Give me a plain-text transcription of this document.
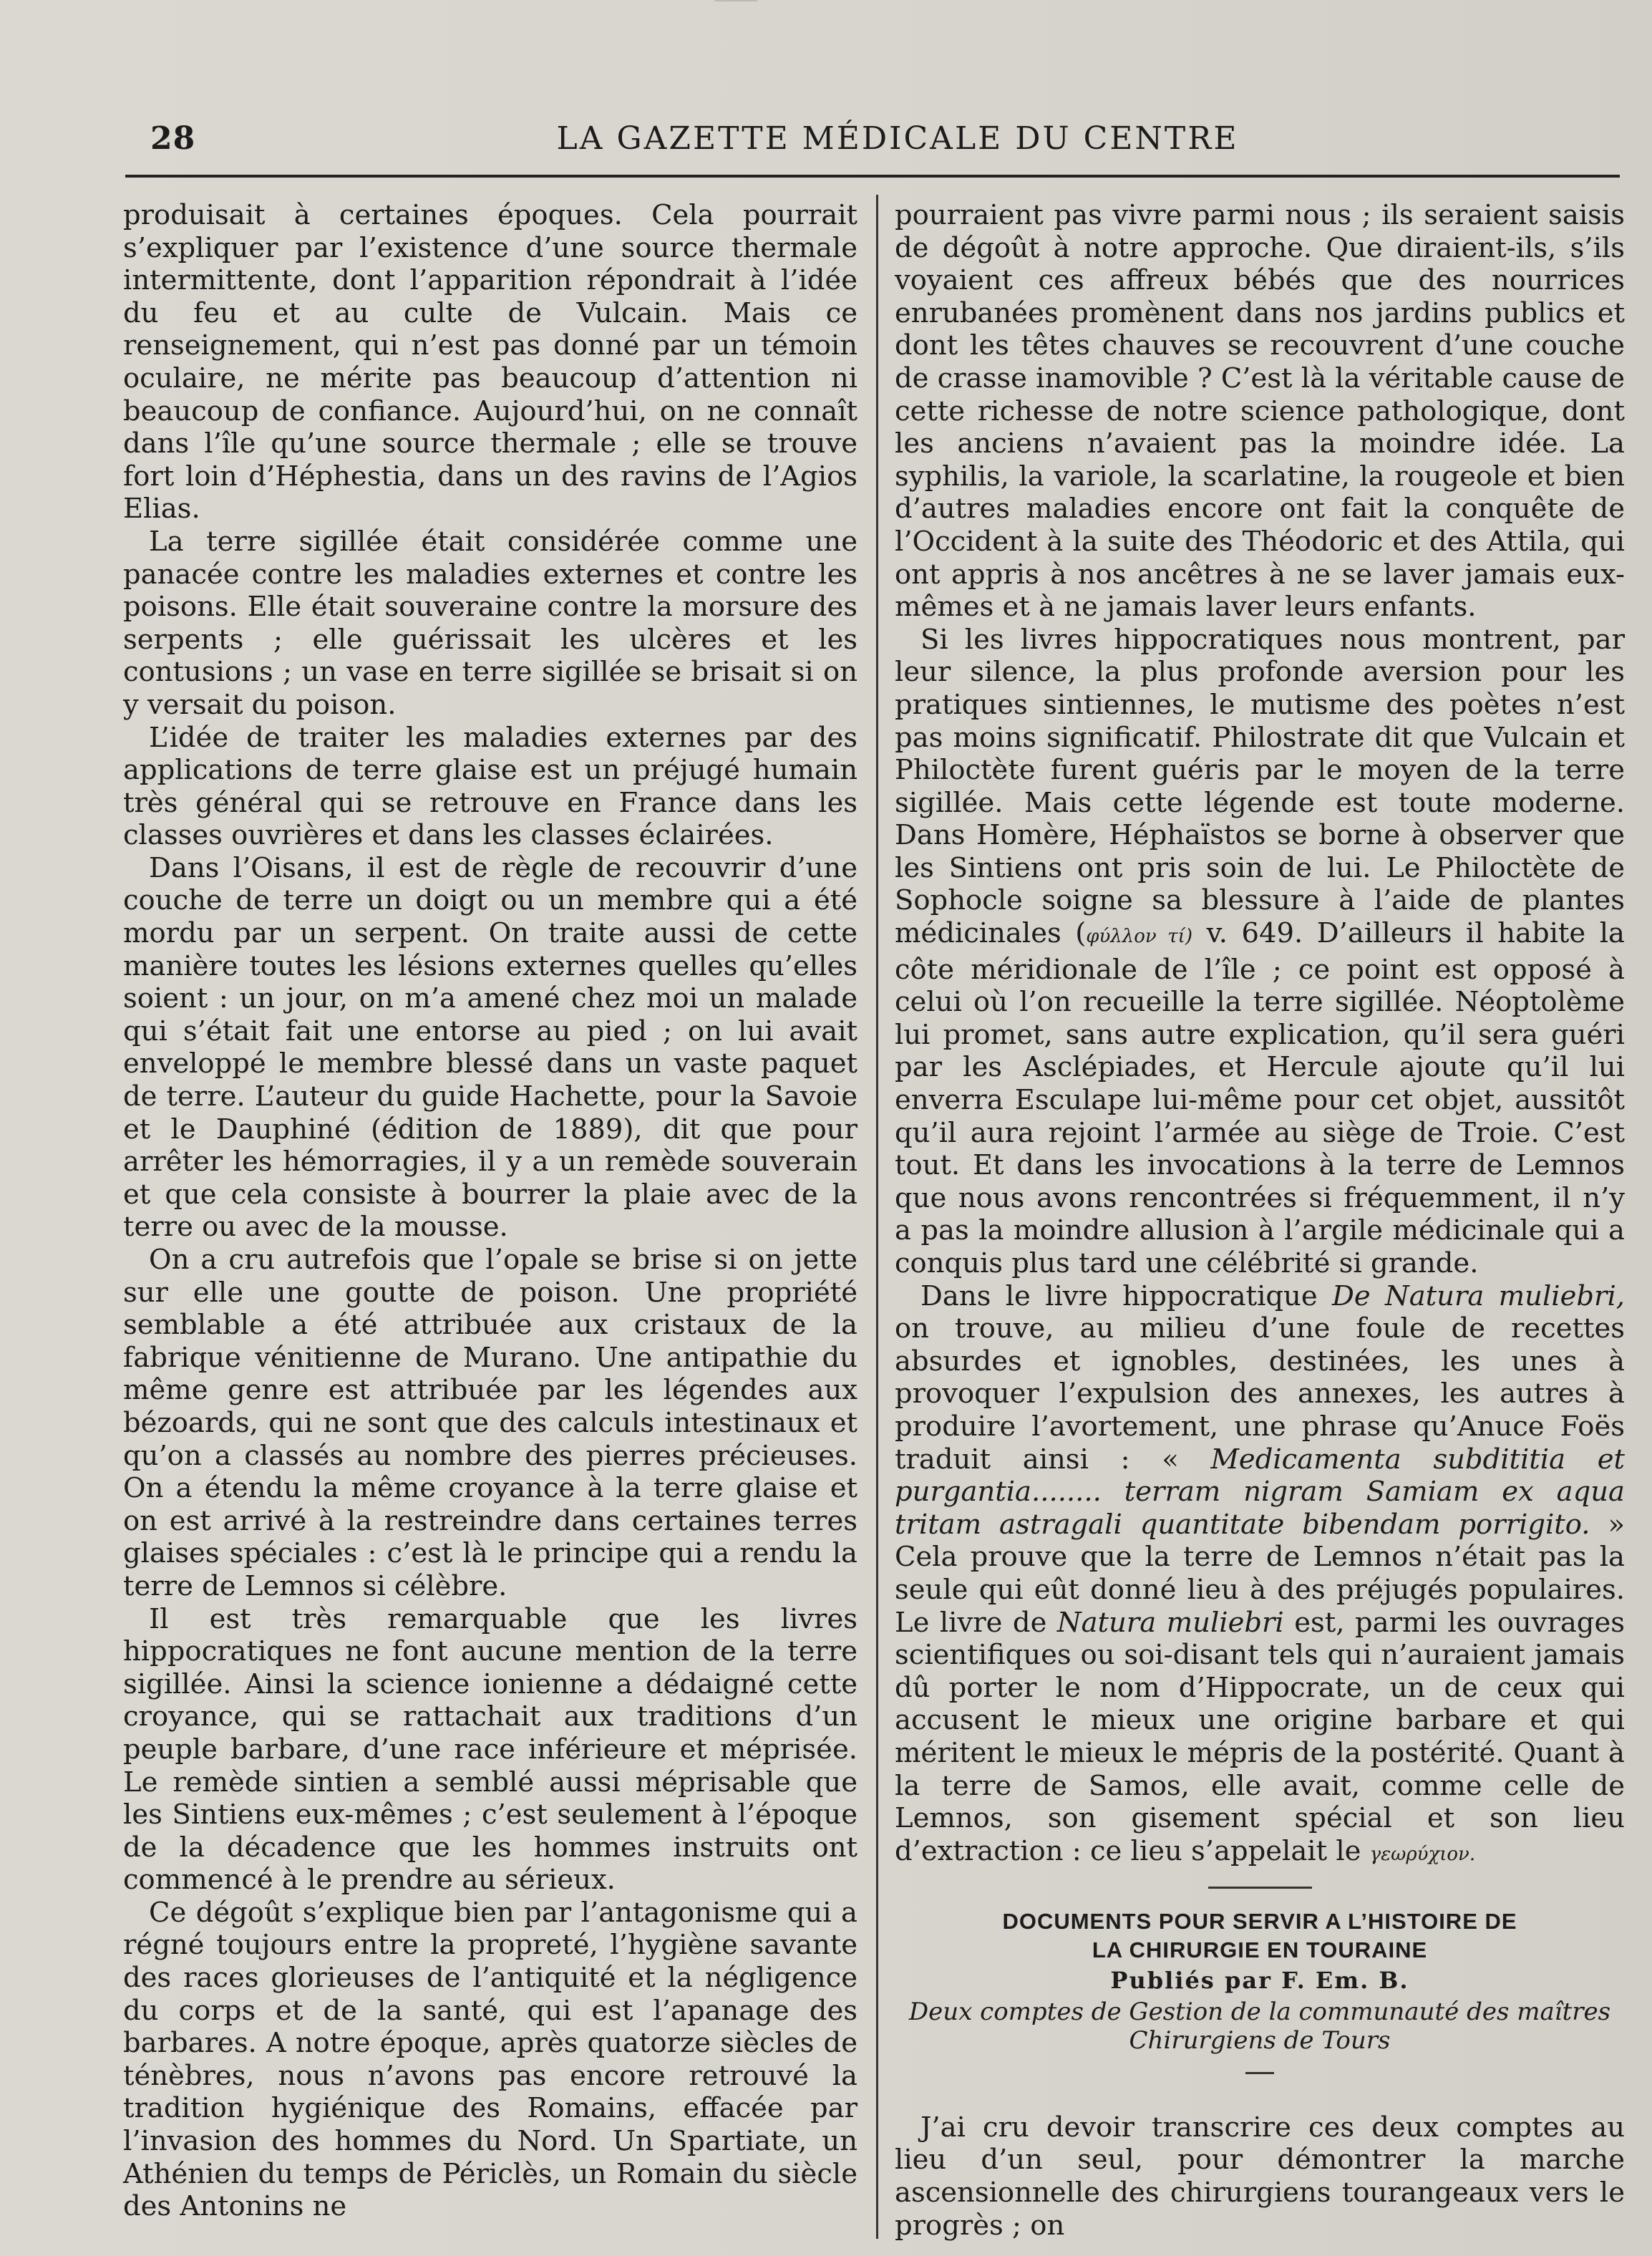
28	LA GAZETTE MÉDICALE DU CENTRE

produisait à certaines époques. Cela pourrait s’expliquer par l’existence d’une source thermale intermittente, dont l’apparition répondrait à l’idée du feu et au culte de Vulcain. Mais ce renseignement, qui n’est pas donné par un témoin oculaire, ne mérite pas beaucoup d’attention ni beaucoup de confiance. Aujourd’hui, on ne connaît dans l’île qu’une source thermale ; elle se trouve fort loin d’Héphestia, dans un des ravins de l’Agios Elias.

La terre sigillée était considérée comme une panacée contre les maladies externes et contre les poisons. Elle était souveraine contre la morsure des serpents ; elle guérissait les ulcères et les contusions ; un vase en terre sigillée se brisait si on y versait du poison.

L’idée de traiter les maladies externes par des applications de terre glaise est un préjugé humain très général qui se retrouve en France dans les classes ouvrières et dans les classes éclairées.

Dans l’Oisans, il est de règle de recouvrir d’une couche de terre un doigt ou un membre qui a été mordu par un serpent. On traite aussi de cette manière toutes les lésions externes quelles qu’elles soient : un jour, on m’a amené chez moi un malade qui s’était fait une entorse au pied ; on lui avait enveloppé le membre blessé dans un vaste paquet de terre. L’auteur du guide Hachette, pour la Savoie et le Dauphiné (édition de 1889), dit que pour arrêter les hémorragies, il y a un remède souverain et que cela consiste à bourrer la plaie avec de la terre ou avec de la mousse.

On a cru autrefois que l’opale se brise si on jette sur elle une goutte de poison. Une propriété semblable a été attribuée aux cristaux de la fabrique vénitienne de Murano. Une antipathie du même genre est attribuée par les légendes aux bézoards, qui ne sont que des calculs intestinaux et qu’on a classés au nombre des pierres précieuses. On a étendu la même croyance à la terre glaise et on est arrivé à la restreindre dans certaines terres glaises spéciales : c’est là le principe qui a rendu la terre de Lemnos si célèbre.

Il est très remarquable que les livres hippocratiques ne font aucune mention de la terre sigillée. Ainsi la science ionienne a dédaigné cette croyance, qui se rattachait aux traditions d’un peuple barbare, d’une race inférieure et méprisée. Le remède sintien a semblé aussi méprisable que les Sintiens eux-mêmes ; c’est seulement à l’époque de la décadence que les hommes instruits ont commencé à le prendre au sérieux.

Ce dégoût s’explique bien par l’antagonisme qui a régné toujours entre la propreté, l’hygiène savante des races glorieuses de l’antiquité et la négligence du corps et de la santé, qui est l’apanage des barbares. A notre époque, après quatorze siècles de ténèbres, nous n’avons pas encore retrouvé la tradition hygiénique des Romains, effacée par l’invasion des hommes du Nord. Un Spartiate, un Athénien du temps de Périclès, un Romain du siècle des Antonins ne

pourraient pas vivre parmi nous ; ils seraient saisis de dégoût à notre approche. Que diraient-ils, s’ils voyaient ces affreux bébés que des nourrices enrubanées promènent dans nos jardins publics et dont les têtes chauves se recouvrent d’une couche de crasse inamovible ? C’est là la véritable cause de cette richesse de notre science pathologique, dont les anciens n’avaient pas la moindre idée. La syphilis, la variole, la scarlatine, la rougeole et bien d’autres maladies encore ont fait la conquête de l’Occident à la suite des Théodoric et des Attila, qui ont appris à nos ancêtres à ne se laver jamais eux-mêmes et à ne jamais laver leurs enfants.

Si les livres hippocratiques nous montrent, par leur silence, la plus profonde aversion pour les pratiques sintiennes, le mutisme des poètes n’est pas moins significatif. Philostrate dit que Vulcain et Philoctète furent guéris par le moyen de la terre sigillée. Mais cette légende est toute moderne. Dans Homère, Héphaïstos se borne à observer que les Sintiens ont pris soin de lui. Le Philoctète de Sophocle soigne sa blessure à l’aide de plantes médicinales (φύλλον τί) v. 649. D’ailleurs il habite la côte méridionale de l’île ; ce point est opposé à celui où l’on recueille la terre sigillée. Néoptolème lui promet, sans autre explication, qu’il sera guéri par les Asclépiades, et Hercule ajoute qu’il lui enverra Esculape lui-même pour cet objet, aussitôt qu’il aura rejoint l’armée au siège de Troie. C’est tout. Et dans les invocations à la terre de Lemnos que nous avons rencontrées si fréquemment, il n’y a pas la moindre allusion à l’argile médicinale qui a conquis plus tard une célébrité si grande.

Dans le livre hippocratique De Natura muliebri, on trouve, au milieu d’une foule de recettes absurdes et ignobles, destinées, les unes à provoquer l’expulsion des annexes, les autres à produire l’avortement, une phrase qu’Anuce Foës traduit ainsi : « Medicamenta subdititia et purgantia........ terram nigram Samiam ex aqua tritam astragali quantitate bibendam porrigito. » Cela prouve que la terre de Lemnos n’était pas la seule qui eût donné lieu à des préjugés populaires. Le livre de Natura muliebri est, parmi les ouvrages scientifiques ou soi-disant tels qui n’auraient jamais dû porter le nom d’Hippocrate, un de ceux qui accusent le mieux une origine barbare et qui méritent le mieux le mépris de la postérité. Quant à la terre de Samos, elle avait, comme celle de Lemnos, son gisement spécial et son lieu d’extraction : ce lieu s’appelait le γεωρύχιον.

DOCUMENTS POUR SERVIR A L’HISTOIRE DE

LA CHIRURGIE EN TOURAINE

Publiés par F. Em. B.

Deux comptes de Gestion de la communauté des maîtres Chirurgiens de Tours

J’ai cru devoir transcrire ces deux comptes au lieu d’un seul, pour démontrer la marche ascensionnelle des chirurgiens tourangeaux vers le progrès ; on
